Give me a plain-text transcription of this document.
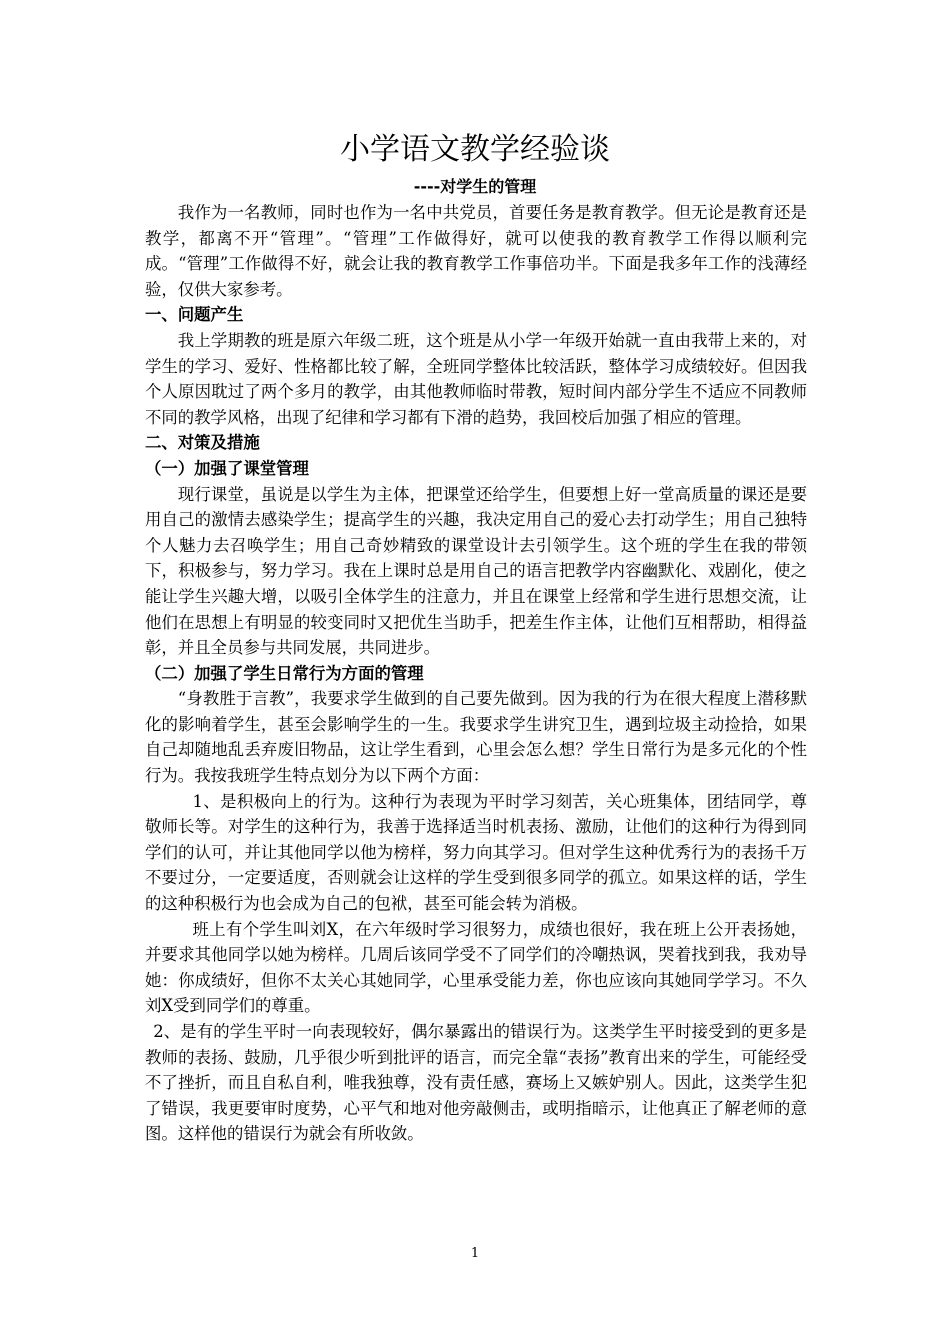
小学语文教学经验谈
----对学生的管理

我作为一名教师，同时也作为一名中共党员，首要任务是教育教学。但无论是教育还是教学，都离不开“管理”。“管理”工作做得好，就可以使我的教育教学工作得以顺利完成。“管理”工作做得不好，就会让我的教育教学工作事倍功半。下面是我多年工作的浅薄经验，仅供大家参考。

一、问题产生

我上学期教的班是原六年级二班，这个班是从小学一年级开始就一直由我带上来的，对学生的学习、爱好、性格都比较了解，全班同学整体比较活跃，整体学习成绩较好。但因我个人原因耽过了两个多月的教学，由其他教师临时带教，短时间内部分学生不适应不同教师不同的教学风格，出现了纪律和学习都有下滑的趋势，我回校后加强了相应的管理。

二、对策及措施

（一）加强了课堂管理

现行课堂，虽说是以学生为主体，把课堂还给学生，但要想上好一堂高质量的课还是要用自己的激情去感染学生；提高学生的兴趣，我决定用自己的爱心去打动学生；用自己独特个人魅力去召唤学生；用自己奇妙精致的课堂设计去引领学生。这个班的学生在我的带领下，积极参与，努力学习。我在上课时总是用自己的语言把教学内容幽默化、戏剧化，使之能让学生兴趣大增，以吸引全体学生的注意力，并且在课堂上经常和学生进行思想交流，让他们在思想上有明显的较变同时又把优生当助手，把差生作主体，让他们互相帮助，相得益彰，并且全员参与共同发展，共同进步。

（二）加强了学生日常行为方面的管理

“身教胜于言教”，我要求学生做到的自己要先做到。因为我的行为在很大程度上潜移默化的影响着学生，甚至会影响学生的一生。我要求学生讲究卫生，遇到垃圾主动捡拾，如果自己却随地乱丢弃废旧物品，这让学生看到，心里会怎么想？学生日常行为是多元化的个性行为。我按我班学生特点划分为以下两个方面：

1、是积极向上的行为。这种行为表现为平时学习刻苦，关心班集体，团结同学，尊敬师长等。对学生的这种行为，我善于选择适当时机表扬、激励，让他们的这种行为得到同学们的认可，并让其他同学以他为榜样，努力向其学习。但对学生这种优秀行为的表扬千万不要过分，一定要适度，否则就会让这样的学生受到很多同学的孤立。如果这样的话，学生的这种积极行为也会成为自己的包袱，甚至可能会转为消极。

班上有个学生叫刘X，在六年级时学习很努力，成绩也很好，我在班上公开表扬她，并要求其他同学以她为榜样。几周后该同学受不了同学们的冷嘲热讽，哭着找到我，我劝导她：你成绩好，但你不太关心其她同学，心里承受能力差，你也应该向其她同学学习。不久刘X受到同学们的尊重。

2、是有的学生平时一向表现较好，偶尔暴露出的错误行为。这类学生平时接受到的更多是教师的表扬、鼓励，几乎很少听到批评的语言，而完全靠“表扬”教育出来的学生，可能经受不了挫折，而且自私自利，唯我独尊，没有责任感，赛场上又嫉妒别人。因此，这类学生犯了错误，我更要审时度势，心平气和地对他旁敲侧击，或明指暗示，让他真正了解老师的意图。这样他的错误行为就会有所收敛。

1
